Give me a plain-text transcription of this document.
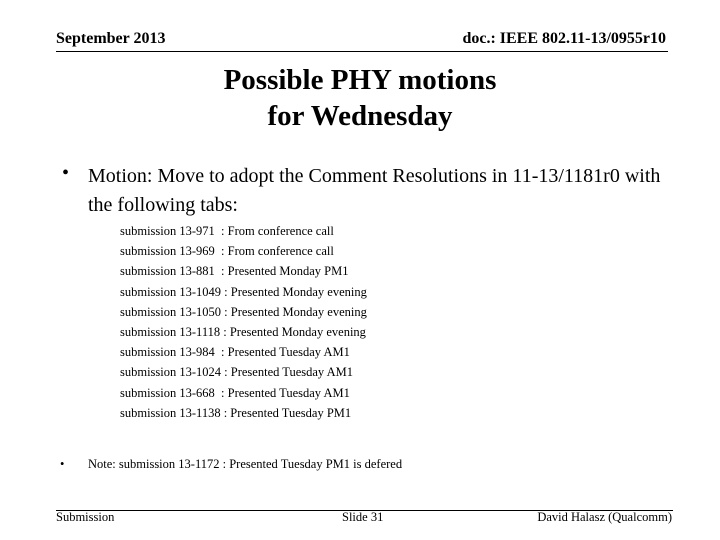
September 2013	doc.: IEEE 802.11-13/0955r10
Possible PHY motions
for Wednesday
• Motion: Move to adopt the Comment Resolutions in 11-13/1181r0 with the following tabs:
submission 13-971  : From conference call
submission 13-969  : From conference call
submission 13-881  : Presented Monday PM1
submission 13-1049 : Presented Monday evening
submission 13-1050 : Presented Monday evening
submission 13-1118 : Presented Monday evening
submission 13-984  : Presented Tuesday AM1
submission 13-1024 : Presented Tuesday AM1
submission 13-668  : Presented Tuesday AM1
submission 13-1138 : Presented Tuesday PM1
• Note: submission 13-1172 : Presented Tuesday PM1 is defered
Submission	Slide 31	David Halasz (Qualcomm)
